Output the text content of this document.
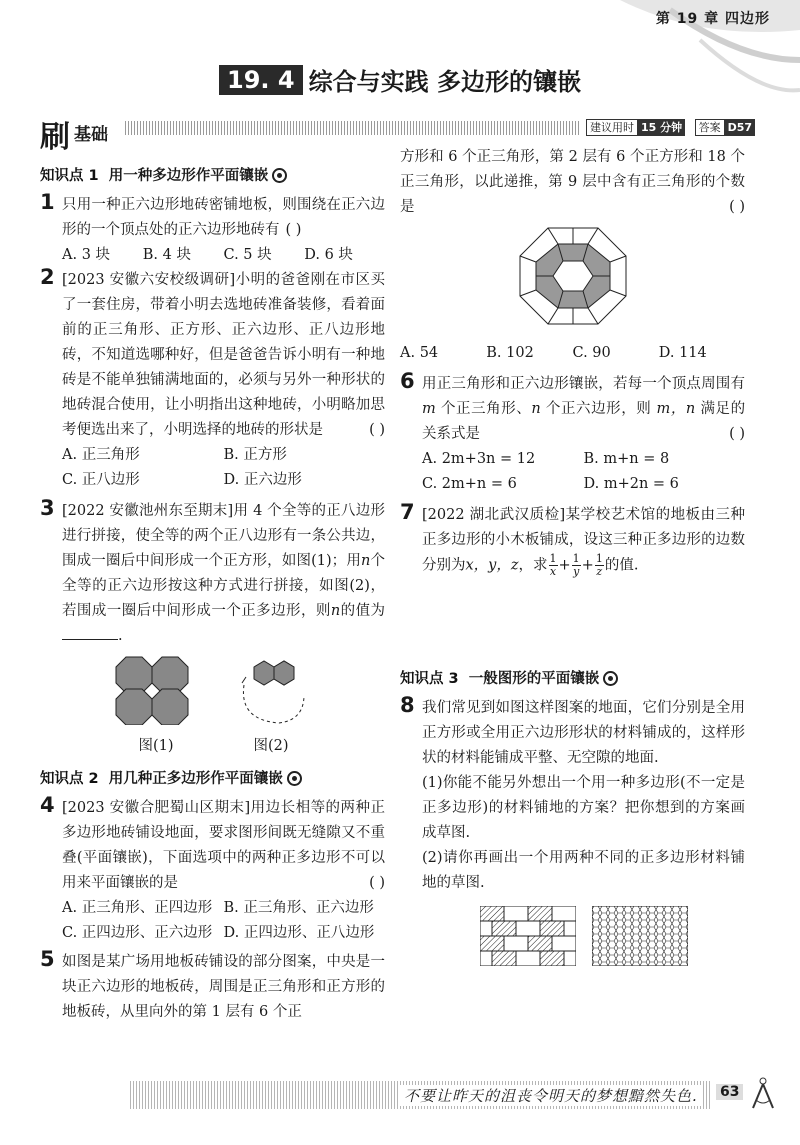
第 19 章 四边形
19. 4 综合与实践 多边形的镶嵌
刷 基础	建议用时 15 分钟 答案 D57
知识点 1 用一种多边形作平面镶嵌
1 只用一种正六边形地砖密铺地板，则围绕在正六边形的一个顶点处的正六边形地砖有 ( )
A. 3 块	B. 4 块	C. 5 块	D. 6 块
2 [2023 安徽六安校级调研]小明的爸爸刚在市区买了一套住房，带着小明去选地砖准备装修，看着面前的正三角形、正方形、正六边形、正八边形地砖，不知道选哪种好，但是爸爸告诉小明有一种地砖是不能单独铺满地面的，必须与另外一种形状的地砖混合使用，让小明指出这种地砖，小明略加思考便选出来了，小明选择的地砖的形状是	( )
A. 正三角形	B. 正方形
C. 正八边形	D. 正六边形
3 [2022 安徽池州东至期末]用 4 个全等的正八边形进行拼接，使全等的两个正八边形有一条公共边，围成一圈后中间形成一个正方形，如图(1)；用n个全等的正六边形按这种方式进行拼接，如图(2)，若围成一圈后中间形成一个正多边形，则n的值为.
图(1)	图(2)
知识点 2 用几种正多边形作平面镶嵌
4 [2023 安徽合肥蜀山区期末]用边长相等的两种正多边形地砖铺设地面，要求图形间既无缝隙又不重叠(平面镶嵌)，下面选项中的两种正多边形不可以用来平面镶嵌的是	( )
A. 正三角形、正四边形 B. 正三角形、正六边形
C. 正四边形、正六边形 D. 正四边形、正八边形
5 如图是某广场用地板砖铺设的部分图案，中央是一块正六边形的地板砖，周围是正三角形和正方形的地板砖，从里向外的第 1 层有 6 个正
方形和 6 个正三角形，第 2 层有 6 个正方形和 18 个正三角形，以此递推，第 9 层中含有正三角形的个数是	( )
A. 54	B. 102	C. 90	D. 114
6 用正三角形和正六边形镶嵌，若每一个顶点周围有 m 个正三角形、n 个正六边形，则 m，n 满足的关系式是	( )
A. 2m+3n = 12	B. m+n = 8
C. 2m+n = 6	D. m+2n = 6
7 [2022 湖北武汉质检]某学校艺术馆的地板由三种正多边形的小木板铺成，设这三种正多边形的边数分别为x，y，z，求 $\frac{1}{x} + \frac{1}{y} + \frac{1}{z}$ 的值.
知识点 3 一般图形的平面镶嵌
8 我们常见到如图这样图案的地面，它们分别是全用正方形或全用正六边形形状的材料铺成的，这样形状的材料能铺成平整、无空隙的地面.
(1)你能不能另外想出一个用一种多边形(不一定是正多边形)的材料铺地的方案？把你想到的方案画成草图.
(2)请你再画出一个用两种不同的正多边形材料铺地的草图.
不要让昨天的沮丧令明天的梦想黯然失色. 63
